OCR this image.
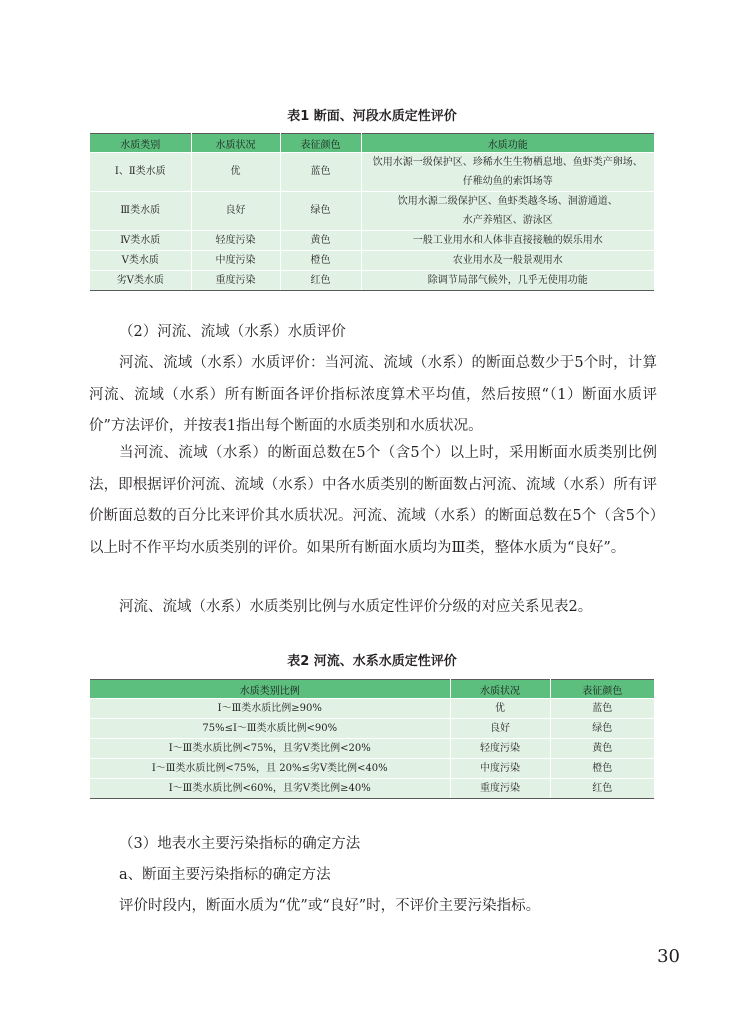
表1 断面、河段水质定性评价
水质类别	水质状况	表征颜色	水质功能
Ⅰ、Ⅱ类水质	优	蓝色	饮用水源一级保护区、珍稀水生生物栖息地、鱼虾类产卵场、
仔稚幼鱼的索饵场等

Ⅲ类水质	良好	绿色	饮用水源二级保护区、鱼虾类越冬场、洄游通道、
水产养殖区、游泳区

Ⅳ类水质	轻度污染	黄色	一般工业用水和人体非直接接触的娱乐用水
Ⅴ类水质	中度污染	橙色	农业用水及一般景观用水
劣Ⅴ类水质	重度污染	红色	除调节局部气候外，几乎无使用功能

（2）河流、流域（水系）水质评价

河流、流域（水系）水质评价：当河流、流域（水系）的断面总数少于5个时，计算河流、流域（水系）所有断面各评价指标浓度算术平均值，然后按照“（1）断面水质评价”方法评价，并按表1指出每个断面的水质类别和水质状况。

当河流、流域（水系）的断面总数在5个（含5个）以上时，采用断面水质类别比例法，即根据评价河流、流域（水系）中各水质类别的断面数占河流、流域（水系）所有评价断面总数的百分比来评价其水质状况。河流、流域（水系）的断面总数在5个（含5个）以上时不作平均水质类别的评价。如果所有断面水质均为Ⅲ类，整体水质为“良好”。

河流、流域（水系）水质类别比例与水质定性评价分级的对应关系见表2。

表2 河流、水系水质定性评价
水质类别比例	水质状况	表征颜色
Ⅰ～Ⅲ类水质比例≥90%	优	蓝色
75%≤Ⅰ～Ⅲ类水质比例<90%	良好	绿色
Ⅰ～Ⅲ类水质比例<75%，且劣Ⅴ类比例<20%	轻度污染	黄色
Ⅰ～Ⅲ类水质比例<75%，且 20%≤劣Ⅴ类比例<40%	中度污染	橙色
Ⅰ～Ⅲ类水质比例<60%，且劣Ⅴ类比例≥40%	重度污染	红色

（3）地表水主要污染指标的确定方法

a、断面主要污染指标的确定方法

评价时段内，断面水质为“优”或“良好”时，不评价主要污染指标。

30
